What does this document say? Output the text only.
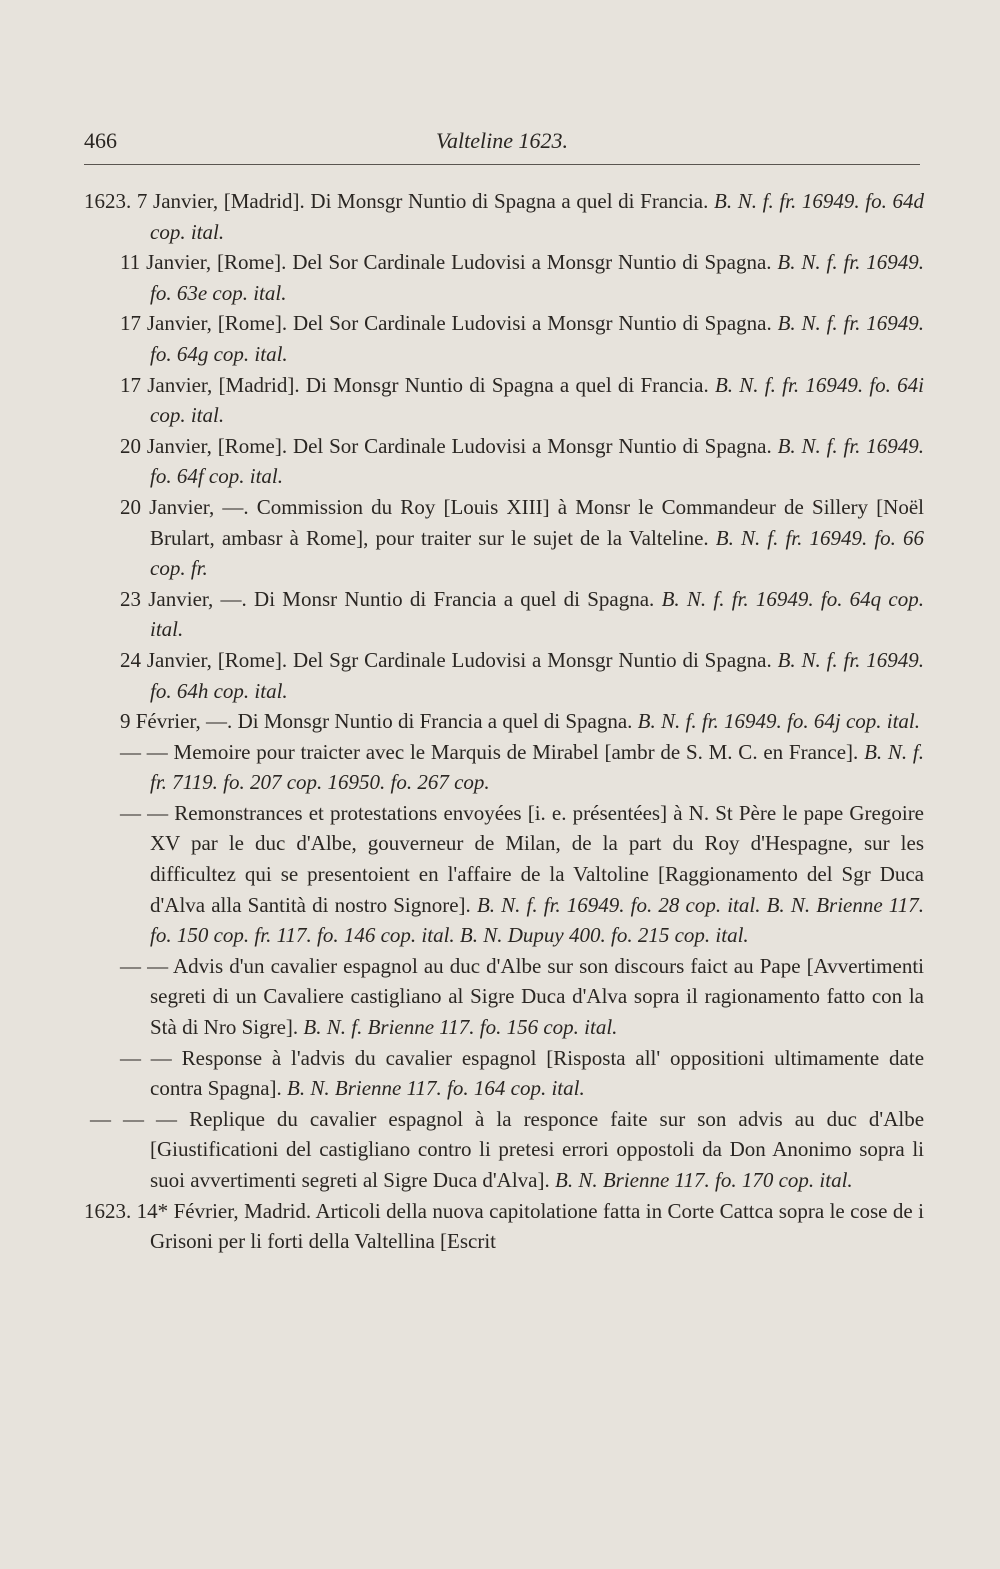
466	Valteline 1623.

1623. 7 Janvier, [Madrid]. Di Monsgr Nuntio di Spagna a quel di Francia. B. N. f. fr. 16949. fo. 64d cop. ital.

11 Janvier, [Rome]. Del Sor Cardinale Ludovisi a Monsgr Nuntio di Spagna. B. N. f. fr. 16949. fo. 63e cop. ital.

17 Janvier, [Rome]. Del Sor Cardinale Ludovisi a Monsgr Nuntio di Spagna. B. N. f. fr. 16949. fo. 64g cop. ital.

17 Janvier, [Madrid]. Di Monsgr Nuntio di Spagna a quel di Francia. B. N. f. fr. 16949. fo. 64i cop. ital.

20 Janvier, [Rome]. Del Sor Cardinale Ludovisi a Monsgr Nuntio di Spagna. B. N. f. fr. 16949. fo. 64f cop. ital.

20 Janvier, —. Commission du Roy [Louis XIII] à Monsr le Commandeur de Sillery [Noël Brulart, ambasr à Rome], pour traiter sur le sujet de la Valteline. B. N. f. fr. 16949. fo. 66 cop. fr.

23 Janvier, —. Di Monsr Nuntio di Francia a quel di Spagna. B. N. f. fr. 16949. fo. 64q cop. ital.

24 Janvier, [Rome]. Del Sgr Cardinale Ludovisi a Monsgr Nuntio di Spagna. B. N. f. fr. 16949. fo. 64h cop. ital.

9 Février, —. Di Monsgr Nuntio di Francia a quel di Spagna. B. N. f. fr. 16949. fo. 64j cop. ital.

— — Memoire pour traicter avec le Marquis de Mirabel [ambr de S. M. C. en France]. B. N. f. fr. 7119. fo. 207 cop. 16950. fo. 267 cop.

— — Remonstrances et protestations envoyées [i. e. présentées] à N. St Père le pape Gregoire XV par le duc d'Albe, gouverneur de Milan, de la part du Roy d'Hespagne, sur les difficultez qui se presentoient en l'affaire de la Valtoline [Raggionamento del Sgr Duca d'Alva alla Santità di nostro Signore]. B. N. f. fr. 16949. fo. 28 cop. ital. B. N. Brienne 117. fo. 150 cop. fr. 117. fo. 146 cop. ital. B. N. Dupuy 400. fo. 215 cop. ital.

— — Advis d'un cavalier espagnol au duc d'Albe sur son discours faict au Pape [Avvertimenti segreti di un Cavaliere castigliano al Sigre Duca d'Alva sopra il ragionamento fatto con la Stà di Nro Sigre]. B. N. f. Brienne 117. fo. 156 cop. ital.

— — Response à l'advis du cavalier espagnol [Risposta all' oppositioni ultimamente date contra Spagna]. B. N. Brienne 117. fo. 164 cop. ital.

— — — Replique du cavalier espagnol à la responce faite sur son advis au duc d'Albe [Giustificationi del castigliano contro li pretesi errori oppostoli da Don Anonimo sopra li suoi avvertimenti segreti al Sigre Duca d'Alva]. B. N. Brienne 117. fo. 170 cop. ital.

1623. 14* Février, Madrid. Articoli della nuova capitolatione fatta in Corte Cattca sopra le cose de i Grisoni per li forti della Valtellina [Escrit
